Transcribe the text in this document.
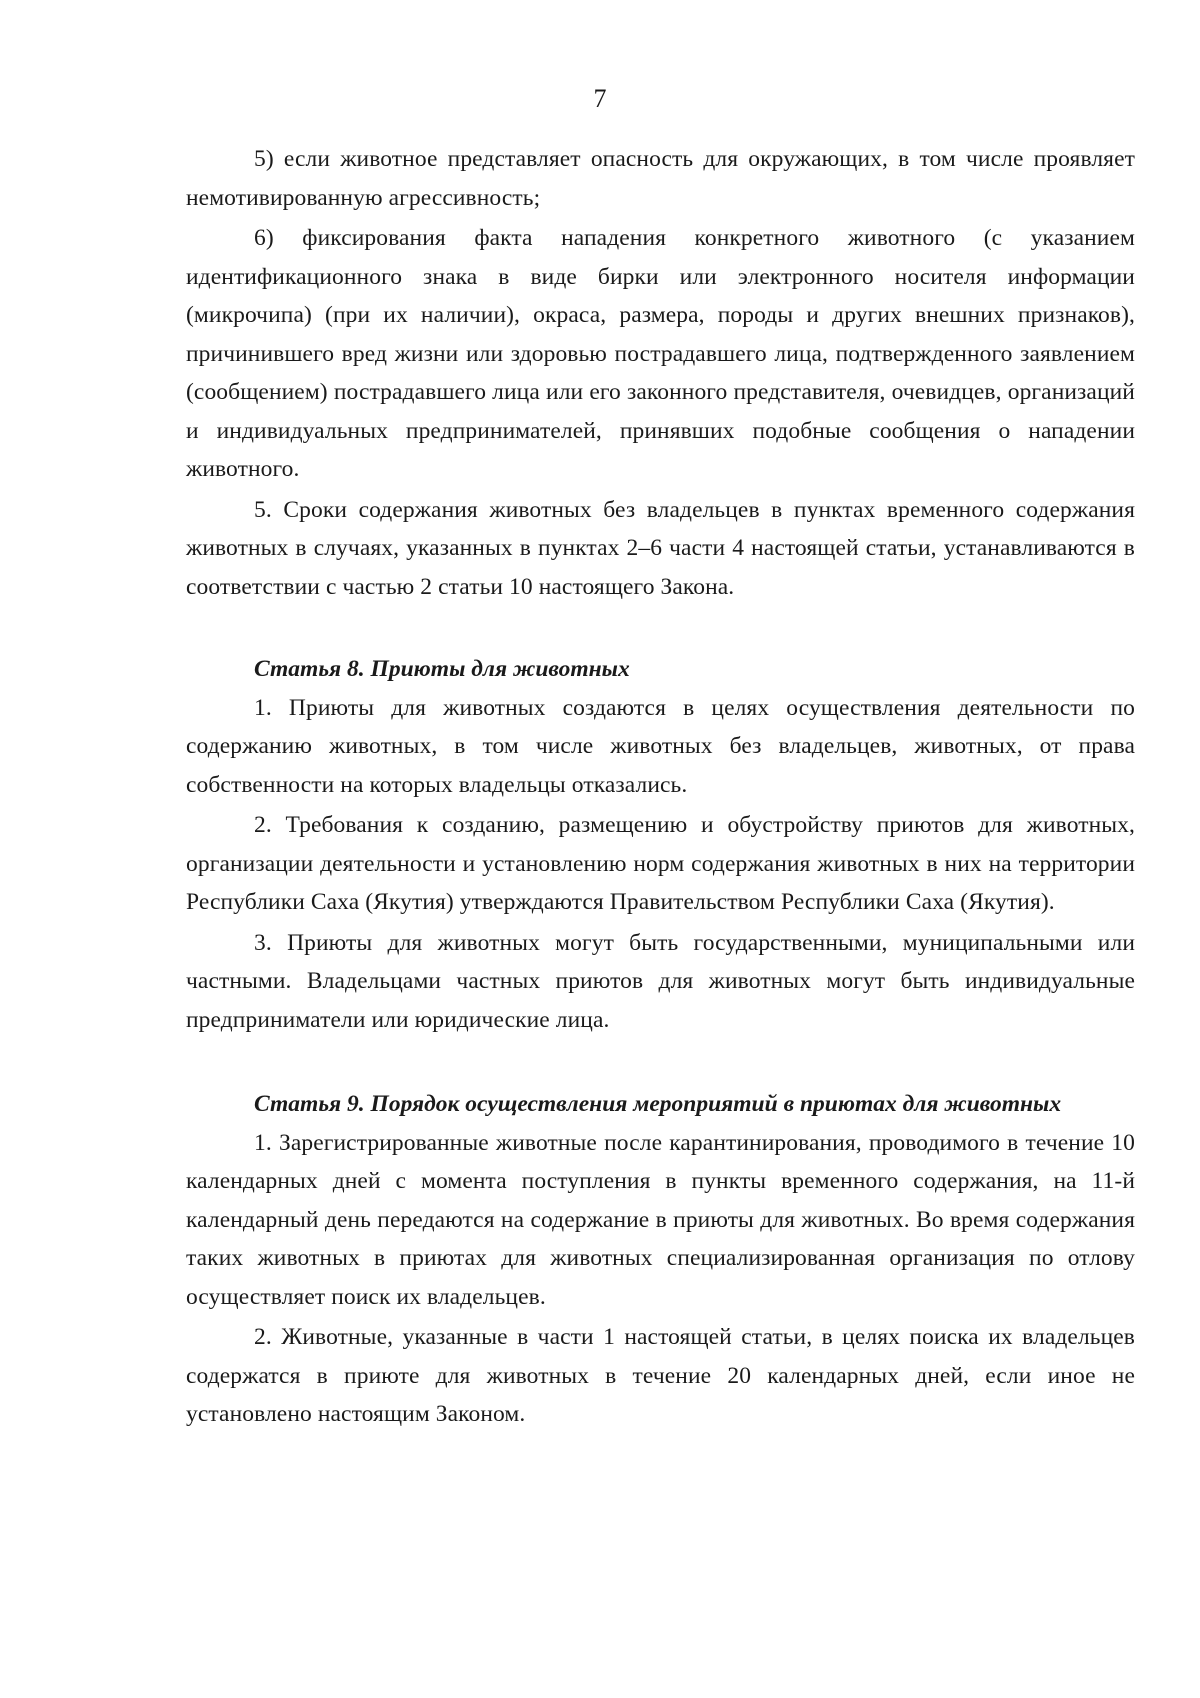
7

5) если животное представляет опасность для окружающих, в том числе проявляет немотивированную агрессивность;

6) фиксирования факта нападения конкретного животного (с указанием идентификационного знака в виде бирки или электронного носителя информации (микрочипа) (при их наличии), окраса, размера, породы и других внешних признаков), причинившего вред жизни или здоровью пострадавшего лица, подтвержденного заявлением (сообщением) пострадавшего лица или его законного представителя, очевидцев, организаций и индивидуальных предпринимателей, принявших подобные сообщения о нападении животного.

5. Сроки содержания животных без владельцев в пунктах временного содержания животных в случаях, указанных в пунктах 2–6 части 4 настоящей статьи, устанавливаются в соответствии с частью 2 статьи 10 настоящего Закона.

Статья 8. Приюты для животных

1. Приюты для животных создаются в целях осуществления деятельности по содержанию животных, в том числе животных без владельцев, животных, от права собственности на которых владельцы отказались.

2. Требования к созданию, размещению и обустройству приютов для животных, организации деятельности и установлению норм содержания животных в них на территории Республики Саха (Якутия) утверждаются Правительством Республики Саха (Якутия).

3. Приюты для животных могут быть государственными, муниципальными или частными. Владельцами частных приютов для животных могут быть индивидуальные предприниматели или юридические лица.

Статья 9. Порядок осуществления мероприятий в приютах для животных

1. Зарегистрированные животные после карантинирования, проводимого в течение 10 календарных дней с момента поступления в пункты временного содержания, на 11-й календарный день передаются на содержание в приюты для животных. Во время содержания таких животных в приютах для животных специализированная организация по отлову осуществляет поиск их владельцев.

2. Животные, указанные в части 1 настоящей статьи, в целях поиска их владельцев содержатся в приюте для животных в течение 20 календарных дней, если иное не установлено настоящим Законом.
